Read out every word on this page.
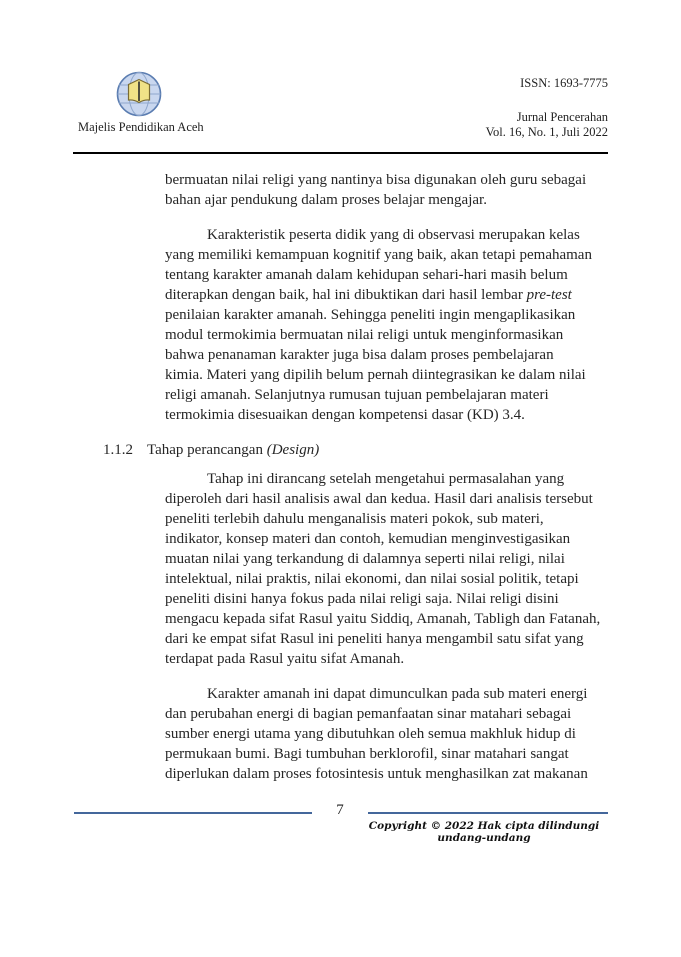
Majelis Pendidikan Aceh
ISSN: 1693-7775
Jurnal Pencerahan
Vol. 16, No. 1, Juli 2022
bermuatan nilai religi yang nantinya bisa digunakan oleh guru sebagai
bahan ajar pendukung dalam proses belajar mengajar.
Karakteristik peserta didik yang di observasi merupakan kelas
yang memiliki kemampuan kognitif yang baik, akan tetapi pemahaman
tentang karakter amanah dalam kehidupan sehari-hari masih belum
diterapkan dengan baik, hal ini dibuktikan dari hasil lembar pre-test
penilaian karakter amanah. Sehingga peneliti ingin mengaplikasikan
modul termokimia bermuatan nilai religi untuk menginformasikan
bahwa penanaman karakter juga bisa dalam proses pembelajaran
kimia. Materi yang dipilih belum pernah diintegrasikan ke dalam nilai
religi amanah. Selanjutnya rumusan tujuan pembelajaran materi
termokimia disesuaikan dengan kompetensi dasar (KD) 3.4.
1.1.2 Tahap perancangan (Design)
Tahap ini dirancang setelah mengetahui permasalahan yang
diperoleh dari hasil analisis awal dan kedua. Hasil dari analisis tersebut
peneliti terlebih dahulu menganalisis materi pokok, sub materi,
indikator, konsep materi dan contoh, kemudian menginvestigasikan
muatan nilai yang terkandung di dalamnya seperti nilai religi, nilai
intelektual, nilai praktis, nilai ekonomi, dan nilai sosial politik, tetapi
peneliti disini hanya fokus pada nilai religi saja. Nilai religi disini
mengacu kepada sifat Rasul yaitu Siddiq, Amanah, Tabligh dan Fatanah,
dari ke empat sifat Rasul ini peneliti hanya mengambil satu sifat yang
terdapat pada Rasul yaitu sifat Amanah.
Karakter amanah ini dapat dimunculkan pada sub materi energi
dan perubahan energi di bagian pemanfaatan sinar matahari sebagai
sumber energi utama yang dibutuhkan oleh semua makhluk hidup di
permukaan bumi. Bagi tumbuhan berklorofil, sinar matahari sangat
diperlukan dalam proses fotosintesis untuk menghasilkan zat makanan
7
Copyright © 2022 Hak cipta dilindungi undang-undang
